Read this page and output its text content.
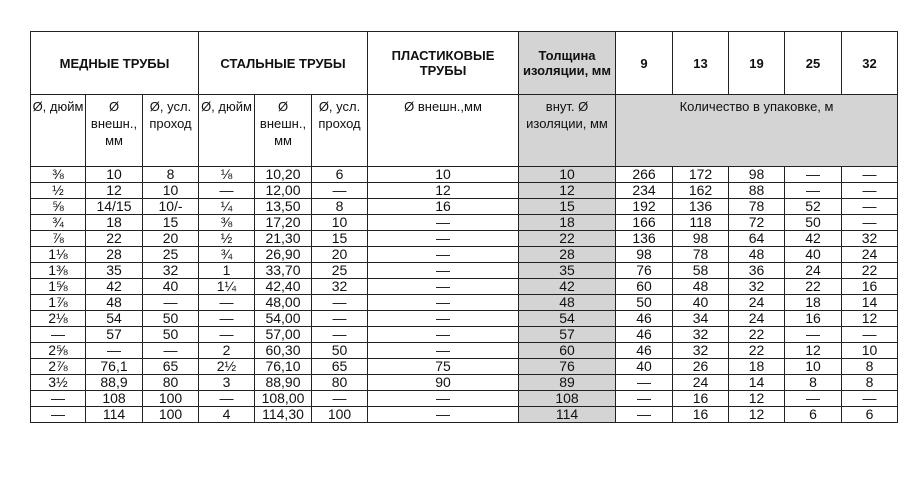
МЕДНЫЕ ТРУБЫ			СТАЛЬНЫЕ ТРУБЫ			ПЛАСТИКОВЫЕ ТРУБЫ	Толщина изоляции, мм	9	13	19	25	32
Ø, дюйм	Ø внешн., мм	Ø, усл. проход	Ø, дюйм	Ø внешн., мм	Ø, усл. проход	Ø внешн.,мм	внут. Ø изоляции, мм	Количество в упаковке, м				
⅜	10	8	⅛	10,20	6	10	10	266	172	98	—	—
½	12	10	—	12,00	—	12	12	234	162	88	—	—
⅝	14/15	10/-	¼	13,50	8	16	15	192	136	78	52	—
¾	18	15	⅜	17,20	10	—	18	166	118	72	50	—
⅞	22	20	½	21,30	15	—	22	136	98	64	42	32
1⅛	28	25	¾	26,90	20	—	28	98	78	48	40	24
1⅜	35	32	1	33,70	25	—	35	76	58	36	24	22
1⅝	42	40	1¼	42,40	32	—	42	60	48	32	22	16
1⅞	48	—	—	48,00	—	—	48	50	40	24	18	14
2⅛	54	50	—	54,00	—	—	54	46	34	24	16	12
—	57	50	—	57,00	—	—	57	46	32	22	—	—
2⅝	—	—	2	60,30	50	—	60	46	32	22	12	10
2⅞	76,1	65	2½	76,10	65	75	76	40	26	18	10	8
3½	88,9	80	3	88,90	80	90	89	—	24	14	8	8
—	108	100	—	108,00	—	—	108	—	16	12	—	—
—	114	100	4	114,30	100	—	114	—	16	12	6	6
